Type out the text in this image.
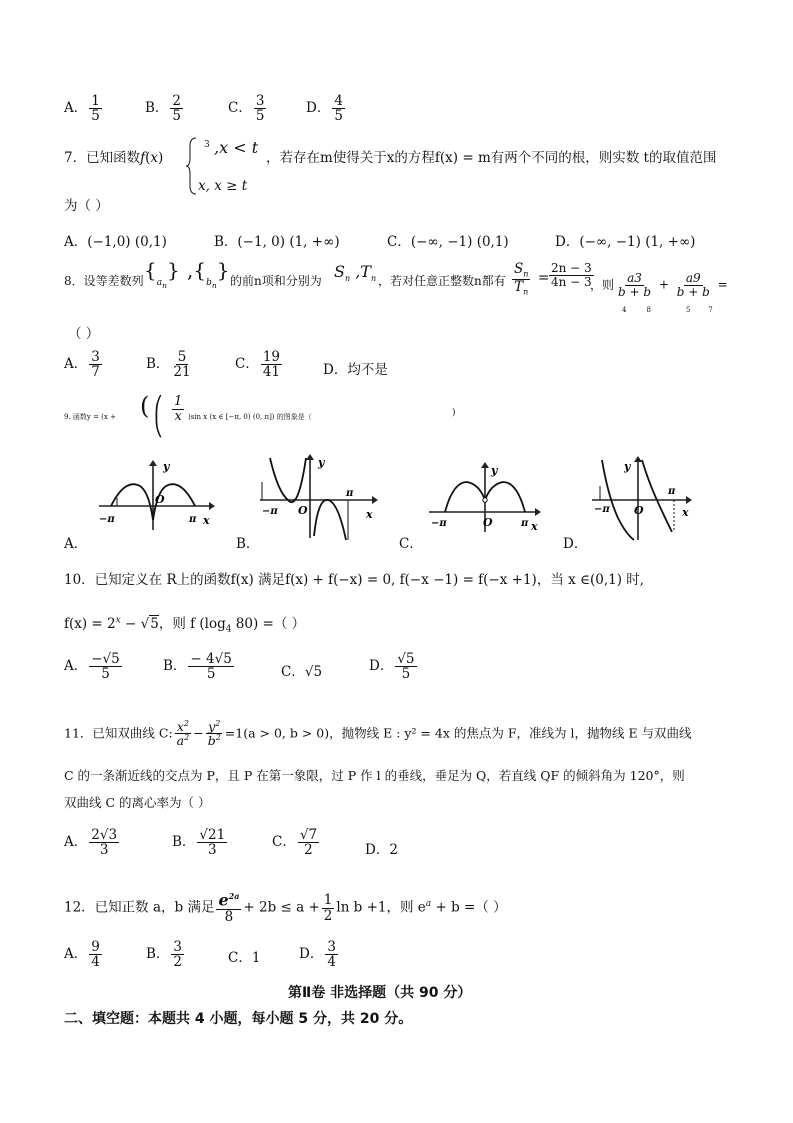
A． $\frac{1}{5}$	B． $\frac{2}{5}$	C． $\frac{3}{5}$	D． $\frac{4}{5}$
7．已知函数f(x)
3 ,x < t
x, x ≥ t
，若存在m使得关于x的方程f(x) = m有两个不同的根，则实数 t的取值范围
为（ ）
A．(−1,0) (0,1)	B．(−1, 0) (1, +∞)	C．(−∞, −1) (0,1)	D．(−∞, −1) (1, +∞)
8．设等差数列 $\{_{a_n}\}$ $,\{_{b_n}\}$ 的前n项和分别为 $S_n$ $,T_n$ ，若对任意正整数n都有 $\frac{S_n}{T_n} = \frac{2n - 3}{4n - 3}$
，则 $\frac{a3}{b + b} + \frac{a9}{b + b}$ =
4         8	5        7
（ ）
A． $\frac{3}{7}$	B． $\frac{5}{21}$	C． $\frac{19}{41}$	D．均不是
9. 函数y = (x + ( $\frac{1}{x}$
⎛
⎝	)sin x (x ∈ [−π, 0) (0, π]) 的图象是（	)
y
O
−π	π x
A．
y
O
−π
π
x
B．
y
O
−π	π x
C．
y
O
−π
π
x
D．
10．已知定义在 R上的函数f(x) 满足f(x) + f(−x) = 0, f(−x −1) = f(−x +1)，当 x ∈(0,1) 时,
$f(x) = 2^x - √5$，则 f ($\log_4$ 80) =（ ）
A． $\frac{-√5}{5}$	B． $\frac{- 4√5}{5}$	C．√5	D． $\frac{√5}{5}$
11．已知双曲线 C: $\frac{x^2}{a^2} - \frac{y^2}{b^2} =1(a > 0$, b > 0)，抛物线 E : y² = 4x 的焦点为 F，准线为 l，抛物线 E 与双曲线
C 的一条渐近线的交点为 P，且 P 在第一象限，过 P 作 l 的垂线，垂足为 Q，若直线 QF 的倾斜角为 120°，则
双曲线 C 的离心率为（ ）
A． $\frac{2√3}{3}$	B． $\frac{√21}{3}$	C． $\frac{√7}{2}$	D．2
12．已知正数 a，b 满足 $\frac{e^{2a}}{8} + 2b \le a + \frac{1}{2}$ ln b +1，则 $e^a + b$ =（ ）
A． $\frac{9}{4}$	B． $\frac{3}{2}$	C．1	D． $\frac{3}{4}$
第Ⅱ卷 非选择题（共 90 分）
二、填空题：本题共 4 小题，每小题 5 分，共 20 分。
